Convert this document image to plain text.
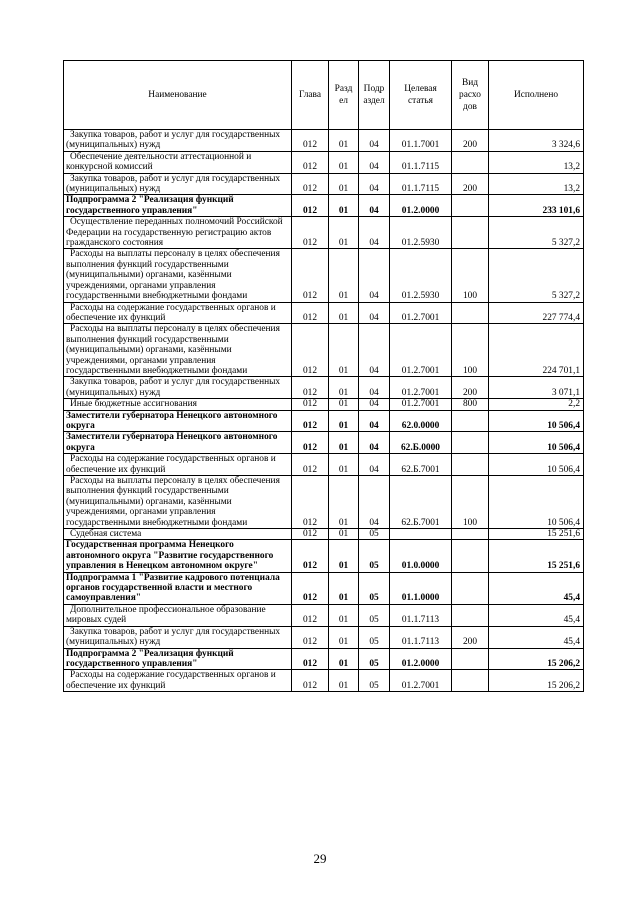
Наименование	Глава	Разд ел	Подр аздел	Целевая статья	Вид расхо дов	Исполнено
Закупка товаров, работ и услуг для государственных (муниципальных) нужд	012	01	04	01.1.7001	200	3 324,6
Обеспечение деятельности аттестационной и конкурсной комиссий	012	01	04	01.1.7115		13,2
Закупка товаров, работ и услуг для государственных (муниципальных) нужд	012	01	04	01.1.7115	200	13,2
Подпрограмма 2 "Реализация функций государственного управления"	012	01	04	01.2.0000		233 101,6
Осуществление переданных полномочий Российской Федерации на государственную регистрацию актов гражданского состояния	012	01	04	01.2.5930		5 327,2
Расходы на выплаты персоналу в целях обеспечения выполнения функций государственными (муниципальными) органами, казёнными учреждениями, органами управления государственными внебюджетными фондами	012	01	04	01.2.5930	100	5 327,2
Расходы на содержание государственных органов и обеспечение их функций	012	01	04	01.2.7001		227 774,4
Расходы на выплаты персоналу в целях обеспечения выполнения функций государственными (муниципальными) органами, казёнными учреждениями, органами управления государственными внебюджетными фондами	012	01	04	01.2.7001	100	224 701,1
Закупка товаров, работ и услуг для государственных (муниципальных) нужд	012	01	04	01.2.7001	200	3 071,1
Иные бюджетные ассигнования	012	01	04	01.2.7001	800	2,2
Заместители губернатора Ненецкого автономного округа	012	01	04	62.0.0000		10 506,4
Заместители губернатора Ненецкого автономного округа	012	01	04	62.Б.0000		10 506,4
Расходы на содержание государственных органов и обеспечение их функций	012	01	04	62.Б.7001		10 506,4
Расходы на выплаты персоналу в целях обеспечения выполнения функций государственными (муниципальными) органами, казёнными учреждениями, органами управления государственными внебюджетными фондами	012	01	04	62.Б.7001	100	10 506,4
Судебная система	012	01	05			15 251,6
Государственная программа Ненецкого автономного округа "Развитие государственного управления в Ненецком автономном округе"	012	01	05	01.0.0000		15 251,6
Подпрограмма 1 "Развитие кадрового потенциала органов государственной власти и местного самоуправления"	012	01	05	01.1.0000		45,4
Дополнительное профессиональное образование мировых судей	012	01	05	01.1.7113		45,4
Закупка товаров, работ и услуг для государственных (муниципальных) нужд	012	01	05	01.1.7113	200	45,4
Подпрограмма 2 "Реализация функций государственного управления"	012	01	05	01.2.0000		15 206,2
Расходы на содержание государственных органов и обеспечение их функций	012	01	05	01.2.7001		15 206,2
29
